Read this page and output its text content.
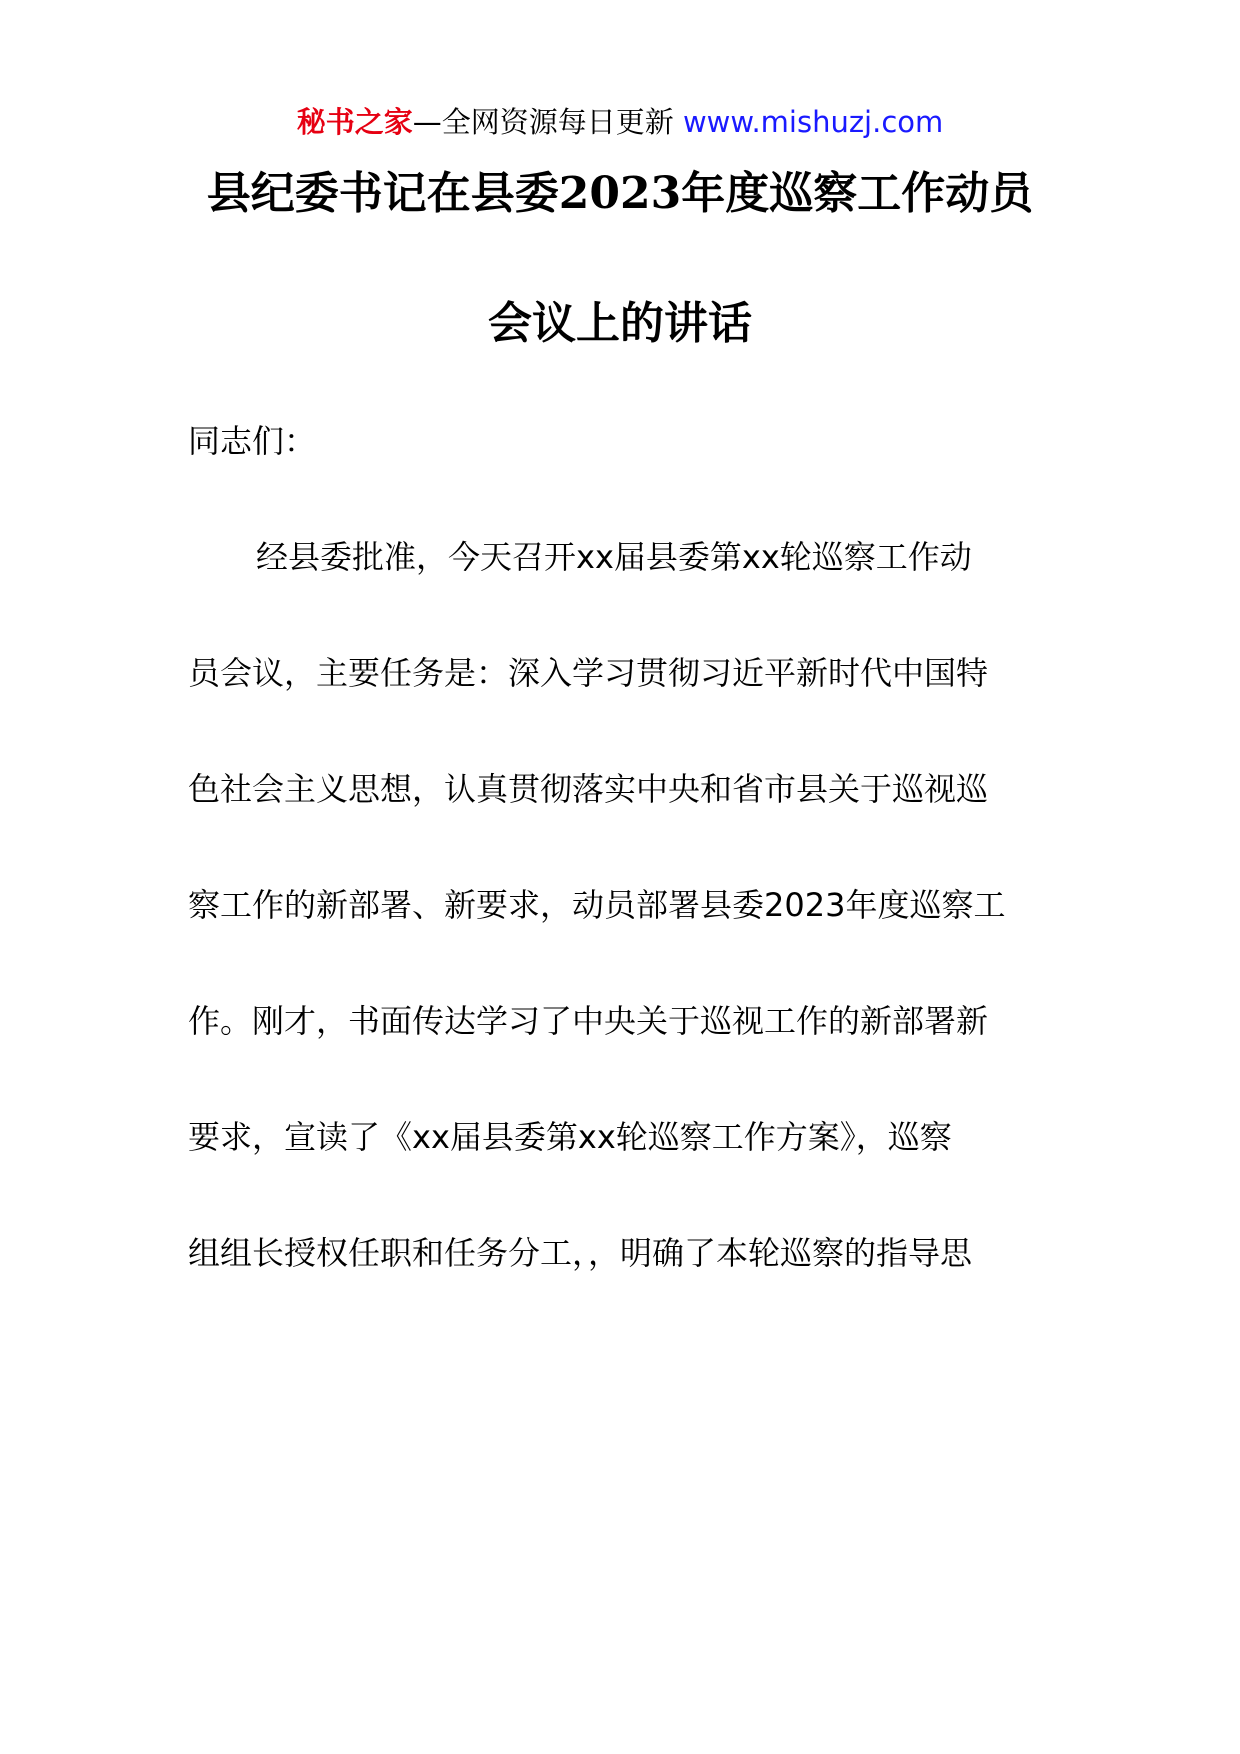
秘书之家—全网资源每日更新 www.mishuzj.com
县纪委书记在县委2023年度巡察工作动员
会议上的讲话
同志们：
经县委批准，今天召开xx届县委第xx轮巡察工作动
员会议，主要任务是：深入学习贯彻习近平新时代中国特
色社会主义思想，认真贯彻落实中央和省市县关于巡视巡
察工作的新部署、新要求，动员部署县委2023年度巡察工
作。刚才，书面传达学习了中央关于巡视工作的新部署新
要求，宣读了《xx届县委第xx轮巡察工作方案》，巡察
组组长授权任职和任务分工，，明确了本轮巡察的指导思
